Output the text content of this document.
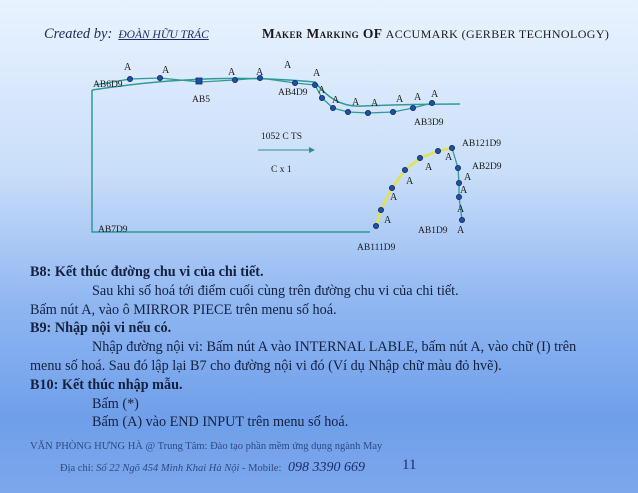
Created by: ĐOÀN HỮU TRÁC	Maker Marking OF ACCUMARK (GERBER TECHNOLOGY)
A	A	A A
A
A
A
A A A A A A
A
A
A
A
A
A
A
A
A
AB6D9
AB5
AB4D9
AB3D9
AB121D9
AB2D9
AB1D9
AB111D9
AB7D9
1052 C TS
C x 1
B8: Kết thúc đường chu vi của chi tiết.
Sau khi số hoá tới điểm cuối cùng trên đường chu vi của chi tiết.
Bấm nút A, vào ô MIRROR PIECE trên menu số hoá.
B9: Nhập nội vi nếu có.
Nhập đường nội vi: Bấm nút A vào INTERNAL LABLE, bấm nút A, vào chữ (I) trên
menu số hoá. Sau đó lập lại B7 cho đường nội vi đó (Ví dụ Nhập chữ màu đỏ hvẽ).
B10: Kết thúc nhập mẫu.
Bấm (*)
Bấm (A) vào END INPUT trên menu số hoá.
VĂN PHÒNG HƯNG HÀ @ Trung Tâm: Đào tạo phần mềm ứng dụng ngành May
Địa chỉ: Số 22 Ngõ 454 Minh Khai Hà Nội - Mobile: 098 3390 669 11
